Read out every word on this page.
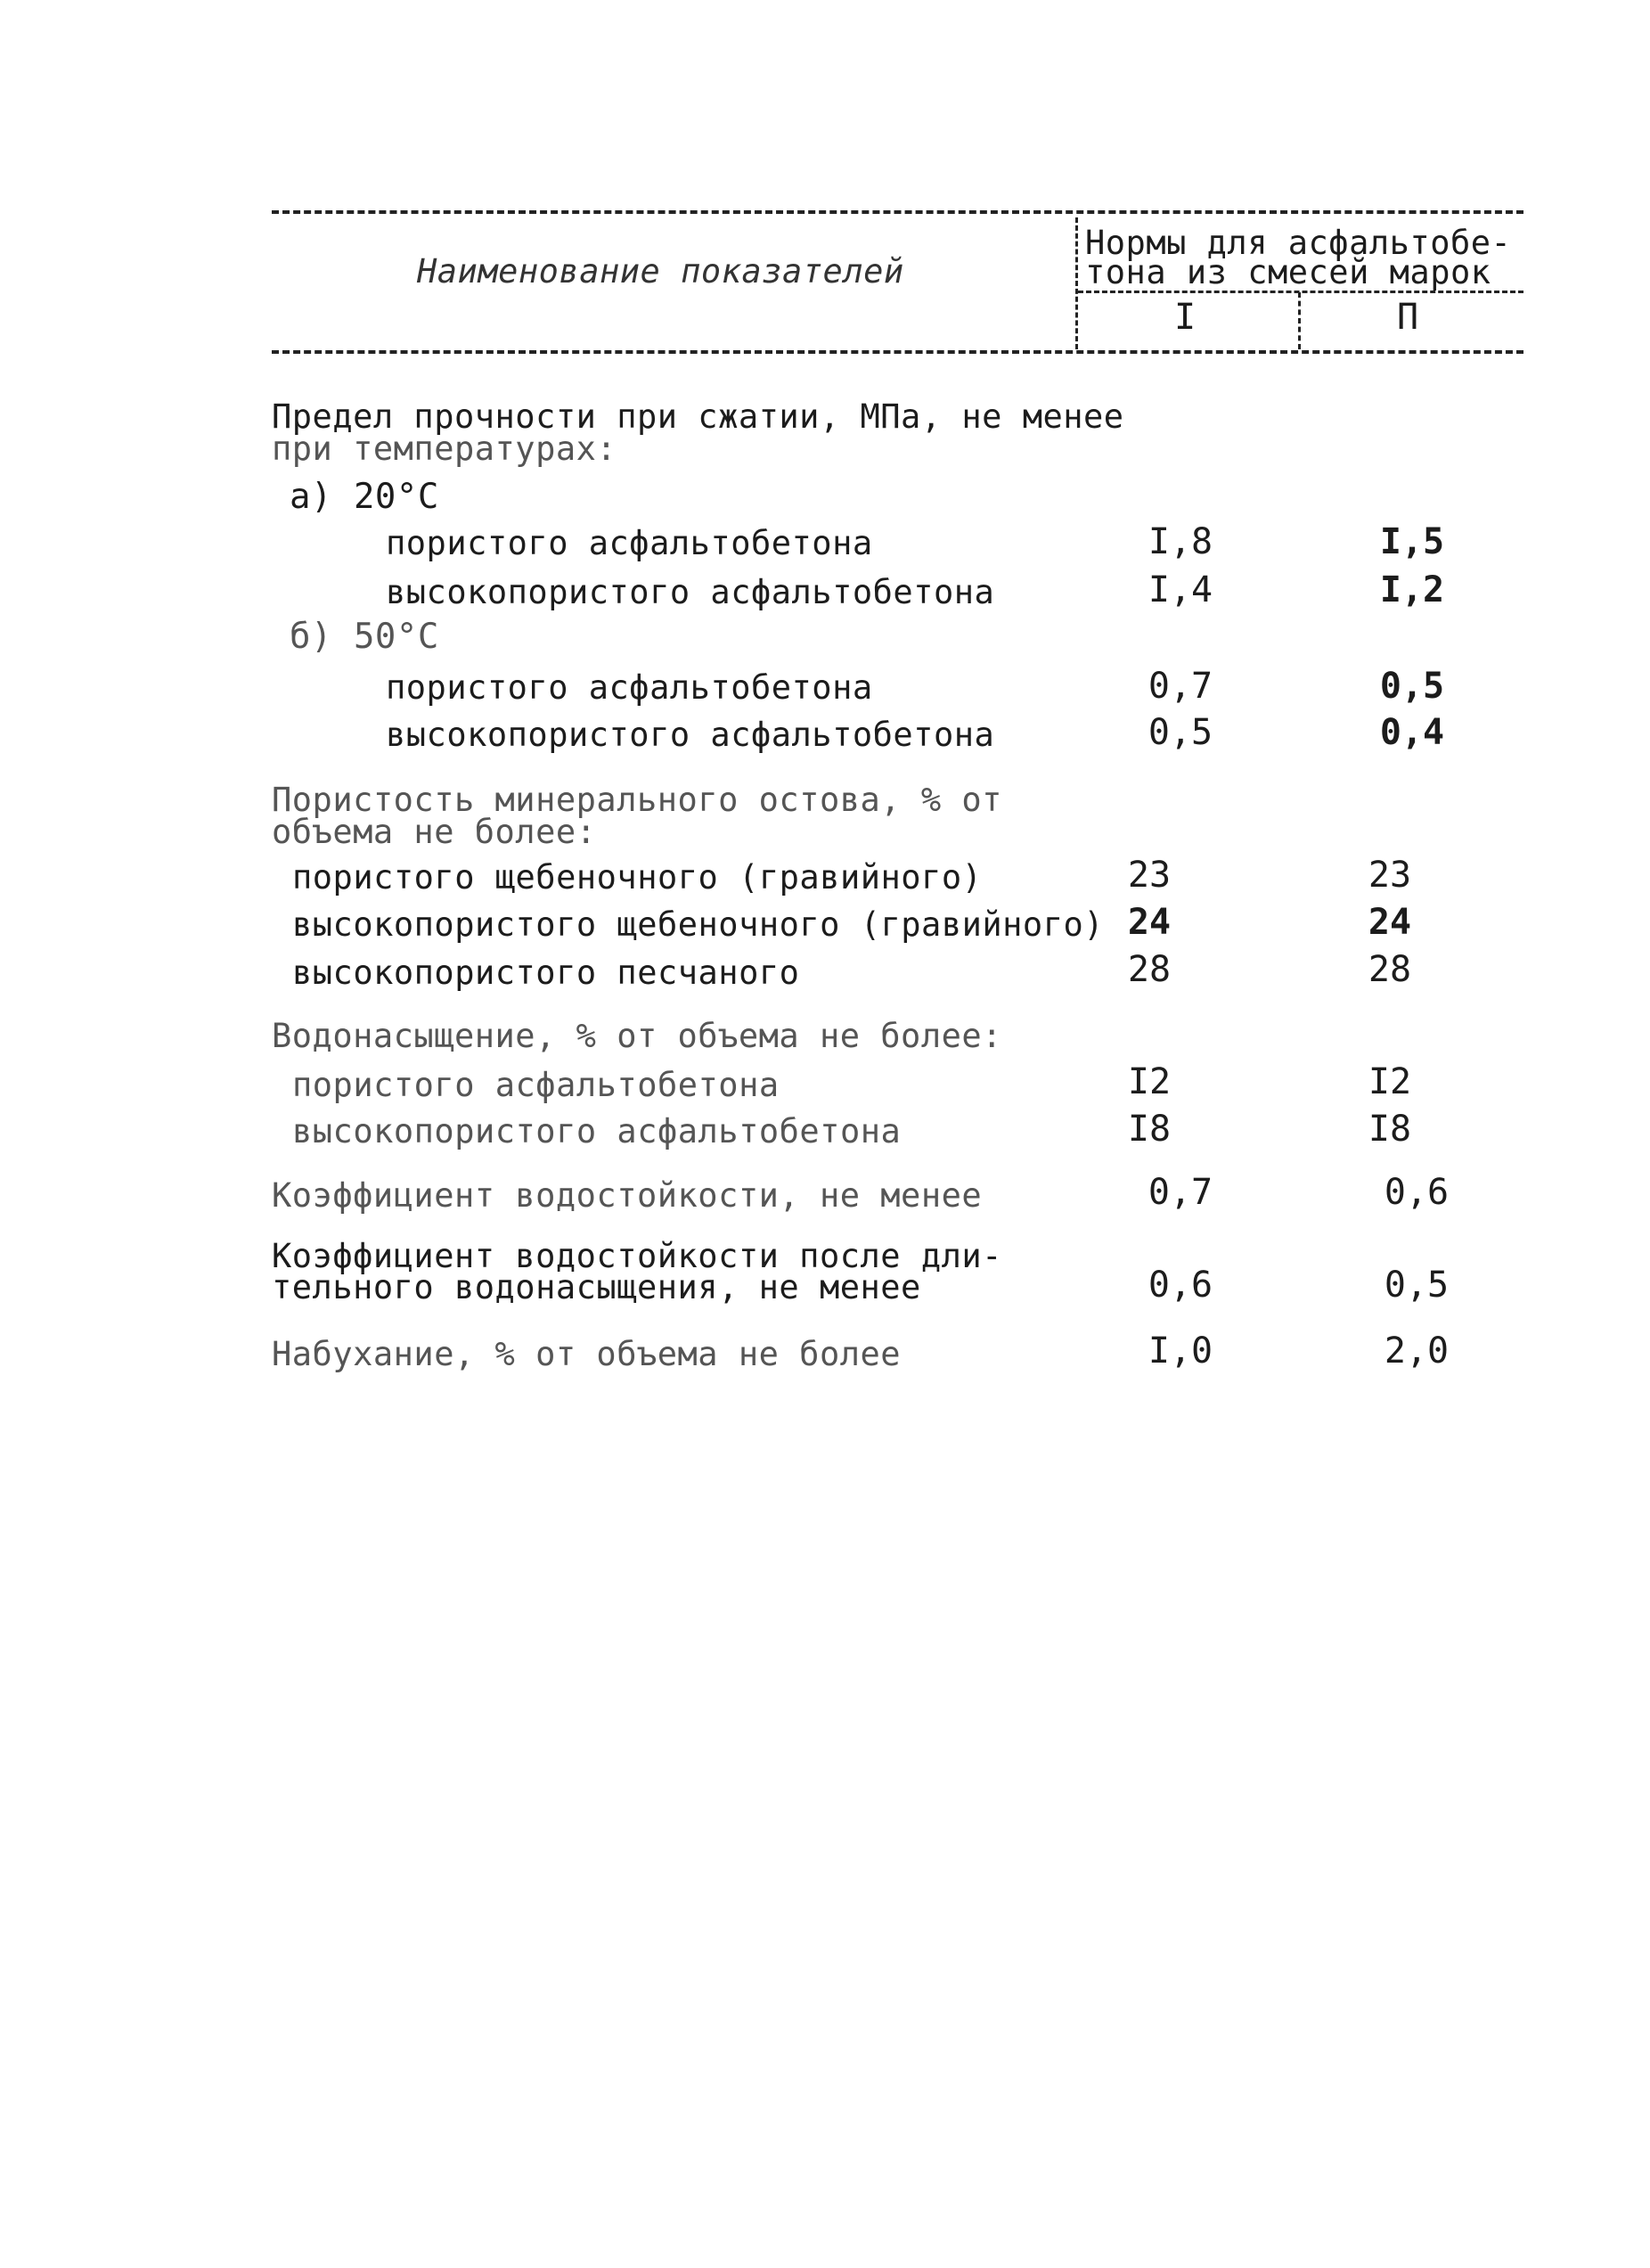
Наименование показателей
Нормы для асфальтобе-
тона из смесей марок
I	П
Предел прочности при сжатии, МПа, не менее
при температурах:
а) 20°С
пористого асфальтобетона	I,8	I,5
высокопористого асфальтобетона	I,4	I,2
б) 50°С
пористого асфальтобетона	0,7	0,5
высокопористого асфальтобетона	0,5	0,4
Пористость минерального остова, % от
объема не более:
пористого щебеночного (гравийного)	23	23
высокопористого щебеночного (гравийного) 24	24
высокопористого песчаного	28	28
Водонасыщение, % от объема не более:
пористого асфальтобетона	I2	I2
высокопористого асфальтобетона	I8	I8
Коэффициент водостойкости, не менее	0,7	0,6
Коэффициент водостойкости после дли-
тельного водонасыщения, не менее	0,6	0,5
Набухание, % от объема не более	I,0	2,0
